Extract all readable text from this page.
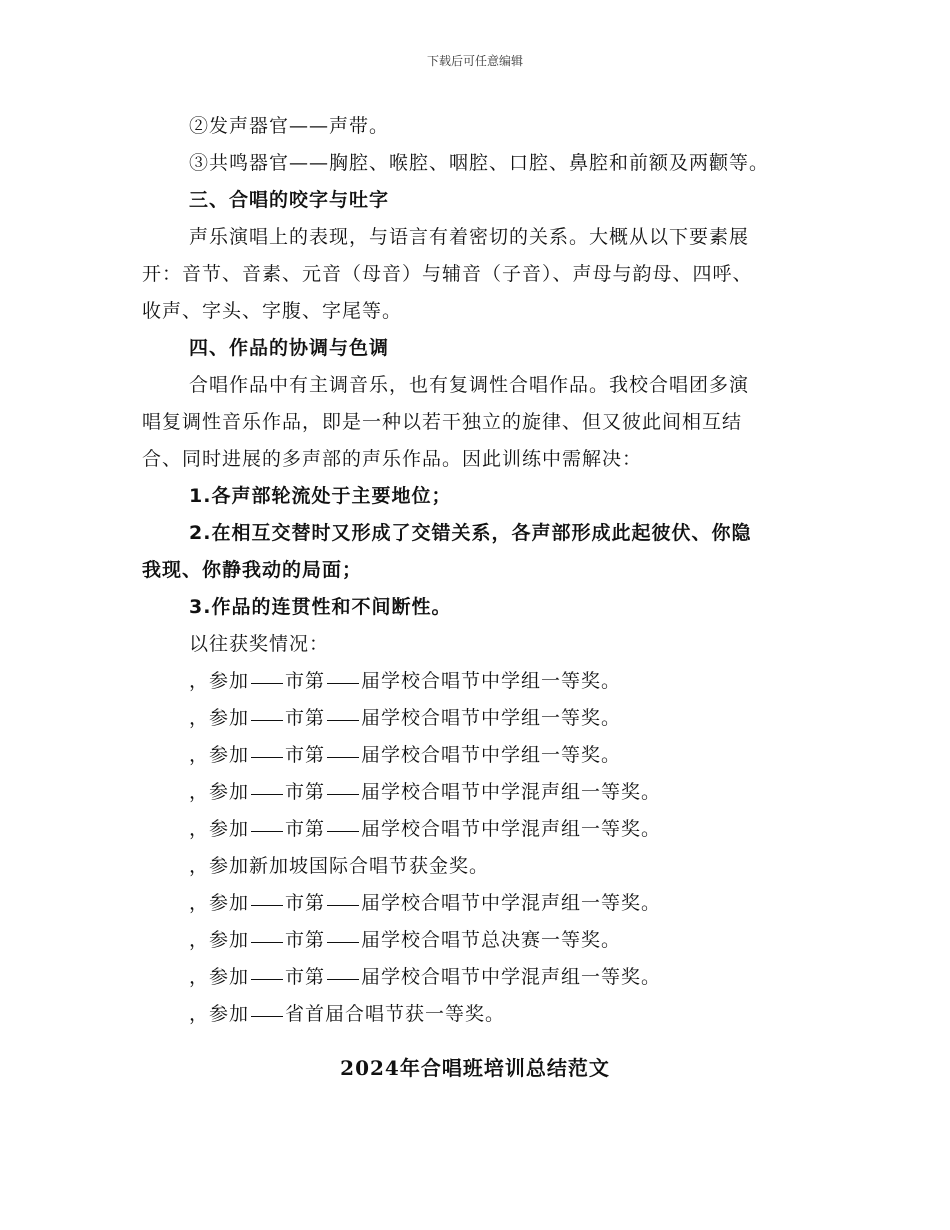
下载后可任意编辑

②发声器官——声带。

③共鸣器官——胸腔、喉腔、咽腔、口腔、鼻腔和前额及两颧等。

三、合唱的咬字与吐字

声乐演唱上的表现，与语言有着密切的关系。大概从以下要素展

开：音节、音素、元音（母音）与辅音（子音）、声母与韵母、四呼、

收声、字头、字腹、字尾等。

四、作品的协调与色调

合唱作品中有主调音乐，也有复调性合唱作品。我校合唱团多演

唱复调性音乐作品，即是一种以若干独立的旋律、但又彼此间相互结

合、同时进展的多声部的声乐作品。因此训练中需解决：

1.各声部轮流处于主要地位；

2.在相互交替时又形成了交错关系，各声部形成此起彼伏、你隐

我现、你静我动的局面；

3.作品的连贯性和不间断性。

以往获奖情况：

，参加 市第 届学校合唱节中学组一等奖。

，参加 市第 届学校合唱节中学组一等奖。

，参加 市第 届学校合唱节中学组一等奖。

，参加 市第 届学校合唱节中学混声组一等奖。

，参加 市第 届学校合唱节中学混声组一等奖。

，参加新加坡国际合唱节获金奖。

，参加 市第 届学校合唱节中学混声组一等奖。

，参加 市第 届学校合唱节总决赛一等奖。

，参加 市第 届学校合唱节中学混声组一等奖。

，参加 省首届合唱节获一等奖。

2024年合唱班培训总结范文
